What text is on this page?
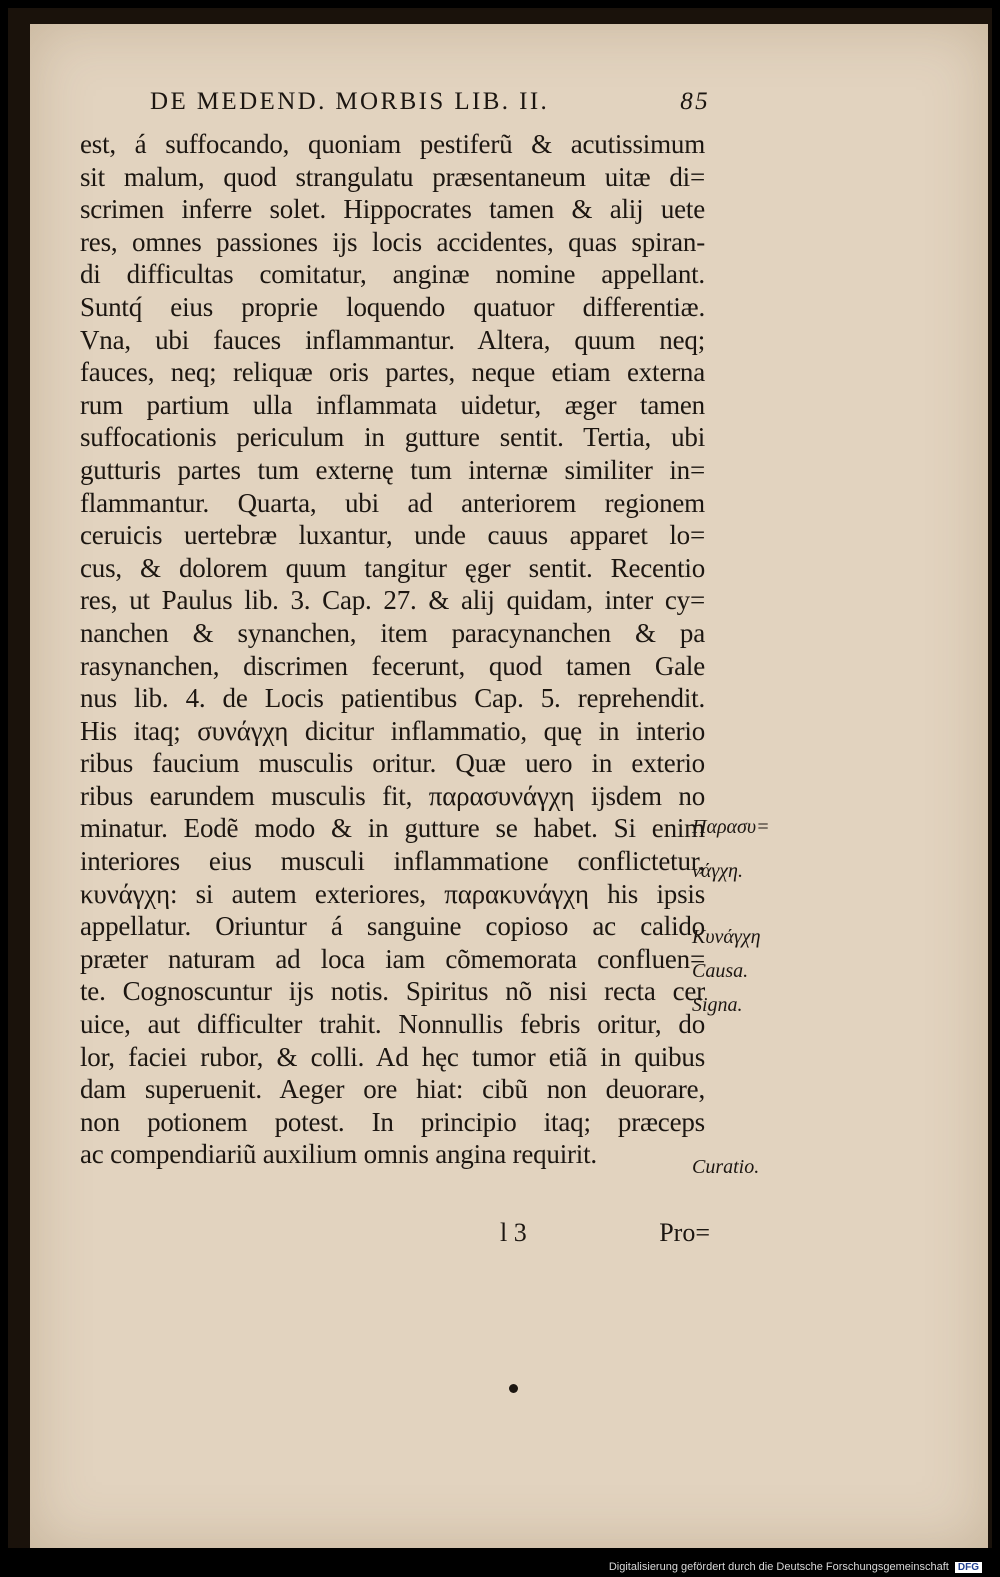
DE MEDEND. MORBIS LIB. II.	85
est, á suffocando, quoniam pestiferũ & acutissimum
sit malum, quod strangulatu præsentaneum uitæ di=
scrimen inferre solet. Hippocrates tamen & alij uete
res, omnes passiones ijs locis accidentes, quas spiran-
di difficultas comitatur, anginæ nomine appellant.
Suntq́ eius proprie loquendo quatuor differentiæ.
Vna, ubi fauces inflammantur. Altera, quum neq;
fauces, neq; reliquæ oris partes, neque etiam externa
rum partium ulla inflammata uidetur, æger tamen
suffocationis periculum in gutture sentit. Tertia, ubi
gutturis partes tum externę tum internæ similiter in=
flammantur. Quarta, ubi ad anteriorem regionem
ceruicis uertebræ luxantur, unde cauus apparet lo=
cus, & dolorem quum tangitur ęger sentit. Recentio
res, ut Paulus lib. 3. Cap. 27. & alij quidam, inter cy=
nanchen & synanchen, item paracynanchen & pa
rasynanchen, discrimen fecerunt, quod tamen Gale
nus lib. 4. de Locis patientibus Cap. 5. reprehendit.
His itaq; συνάγχη dicitur inflammatio, quę in interio
ribus faucium musculis oritur. Quæ uero in exterio
ribus earundem musculis fit, παρασυνάγχη ijsdem no
minatur. Eodẽ modo & in gutture se habet. Si enim
interiores eius musculi inflammatione conflictetur,
κυνάγχη: si autem exteriores, παρακυνάγχη his ipsis
appellatur. Oriuntur á sanguine copioso ac calido
præter naturam ad loca iam cõmemorata confluen=
te. Cognoscuntur ijs notis. Spiritus nõ nisi recta cer
uice, aut difficulter trahit. Nonnullis febris oritur, do
lor, faciei rubor, & colli. Ad hęc tumor etiã in quibus
dam superuenit. Aeger ore hiat: cibũ non deuorare,
non potionem potest. In principio itaq; præceps
ac compendiariũ auxilium omnis angina requirit.
Παρασυ=
νάγχη.
Κυνάγχη
Causa.
Signa.
Curatio.
l 3	Pro=
Digitalisierung gefördert durch die Deutsche Forschungsgemeinschaft DFG
